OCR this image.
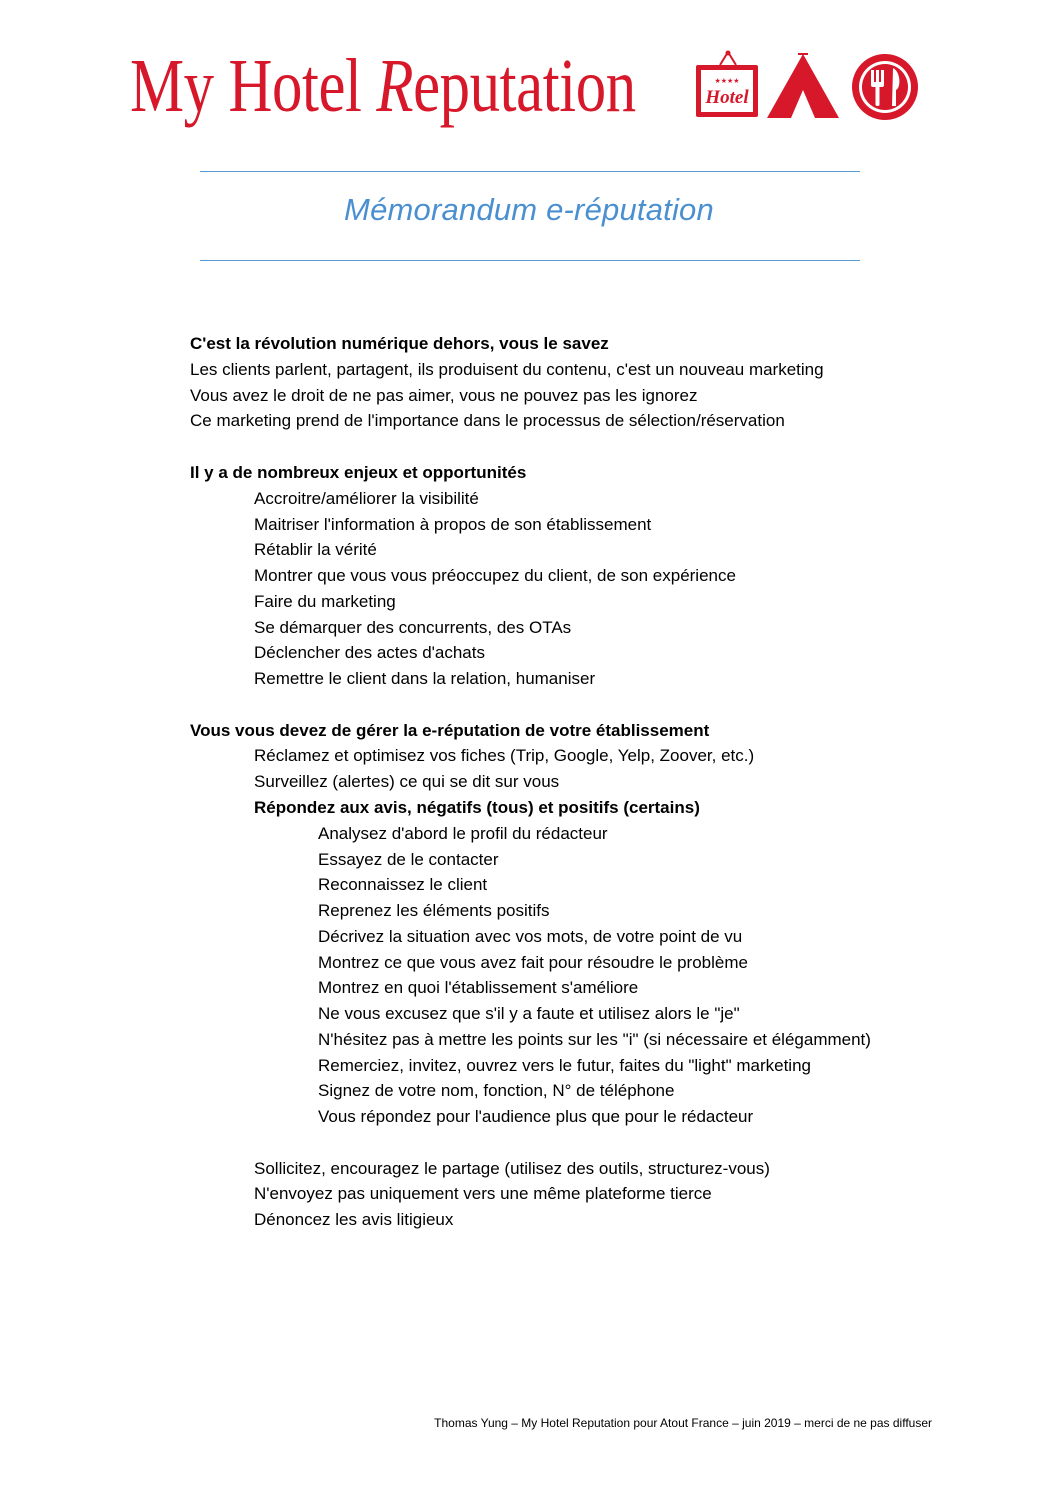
My Hotel Reputation	★★★★
Hotel
Mémorandum e-réputation
C'est la révolution numérique dehors, vous le savez
Les clients parlent, partagent, ils produisent du contenu, c'est un nouveau marketing
Vous avez le droit de ne pas aimer, vous ne pouvez pas les ignorez
Ce marketing prend de l'importance dans le processus de sélection/réservation
Il y a de nombreux enjeux et opportunités
Accroitre/améliorer la visibilité
Maitriser l'information à propos de son établissement
Rétablir la vérité
Montrer que vous vous préoccupez du client, de son expérience
Faire du marketing
Se démarquer des concurrents, des OTAs
Déclencher des actes d'achats
Remettre le client dans la relation, humaniser
Vous vous devez de gérer la e-réputation de votre établissement
Réclamez et optimisez vos fiches (Trip, Google, Yelp, Zoover, etc.)
Surveillez (alertes) ce qui se dit sur vous
Répondez aux avis, négatifs (tous) et positifs (certains)
Analysez d'abord le profil du rédacteur
Essayez de le contacter
Reconnaissez le client
Reprenez les éléments positifs
Décrivez la situation avec vos mots, de votre point de vu
Montrez ce que vous avez fait pour résoudre le problème
Montrez en quoi l'établissement s'améliore
Ne vous excusez que s'il y a faute et utilisez alors le "je"
N'hésitez pas à mettre les points sur les "i" (si nécessaire et élégamment)
Remerciez, invitez, ouvrez vers le futur, faites du "light" marketing
Signez de votre nom, fonction, N° de téléphone
Vous répondez pour l'audience plus que pour le rédacteur
Sollicitez, encouragez le partage (utilisez des outils, structurez-vous)
N'envoyez pas uniquement vers une même plateforme tierce
Dénoncez les avis litigieux
Thomas Yung – My Hotel Reputation pour Atout France – juin 2019 – merci de ne pas diffuser
